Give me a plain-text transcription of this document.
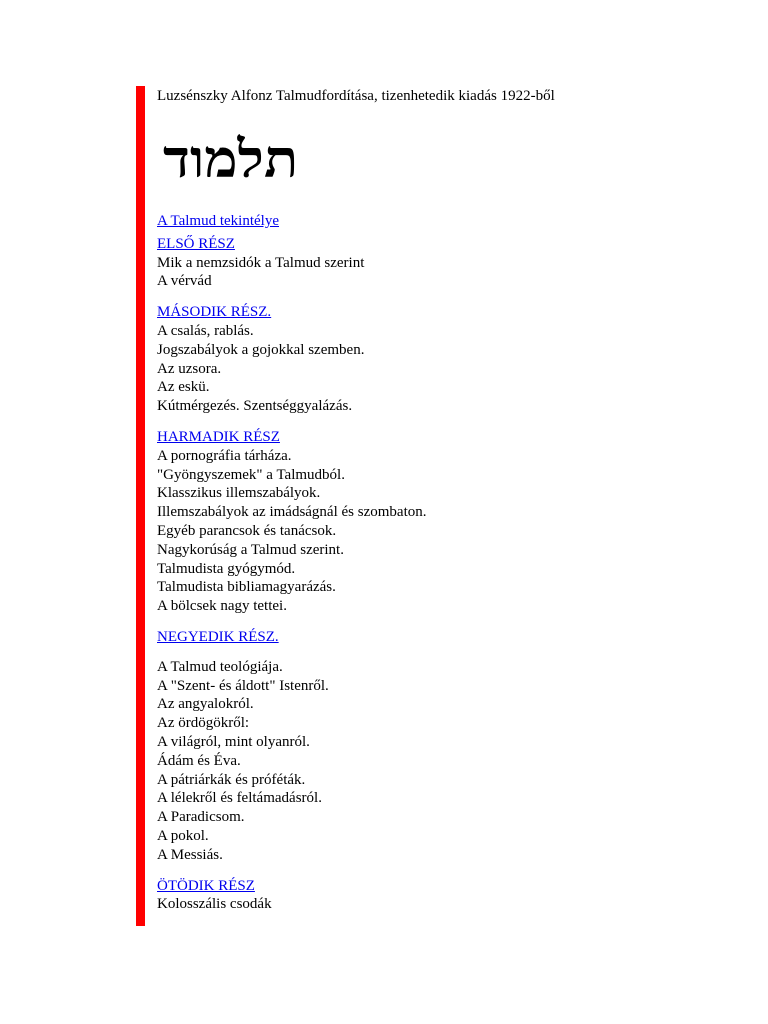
Luzsénszky Alfonz Talmudfordítása, tizenhetedik kiadás 1922-ből
תלמוד
A Talmud tekintélye
ELSŐ RÉSZ
Mik a nemzsidók a Talmud szerint
A vérvád
MÁSODIK RÉSZ.
A csalás, rablás.
Jogszabályok a gojokkal szemben.
Az uzsora.
Az eskü.
Kútmérgezés. Szentséggyalázás.
HARMADIK RÉSZ
A pornográfia tárháza.
"Gyöngyszemek" a Talmudból.
Klasszikus illemszabályok.
Illemszabályok az imádságnál és szombaton.
Egyéb parancsok és tanácsok.
Nagykorúság a Talmud szerint.
Talmudista gyógymód.
Talmudista bibliamagyarázás.
A bölcsek nagy tettei.
NEGYEDIK RÉSZ.
A Talmud teológiája.
A "Szent- és áldott" Istenről.
Az angyalokról.
Az ördögökről:
A világról, mint olyanról.
Ádám és Éva.
A pátriárkák és próféták.
A lélekről és feltámadásról.
A Paradicsom.
A pokol.
A Messiás.
ÖTÖDIK RÉSZ
Kolosszális csodák
